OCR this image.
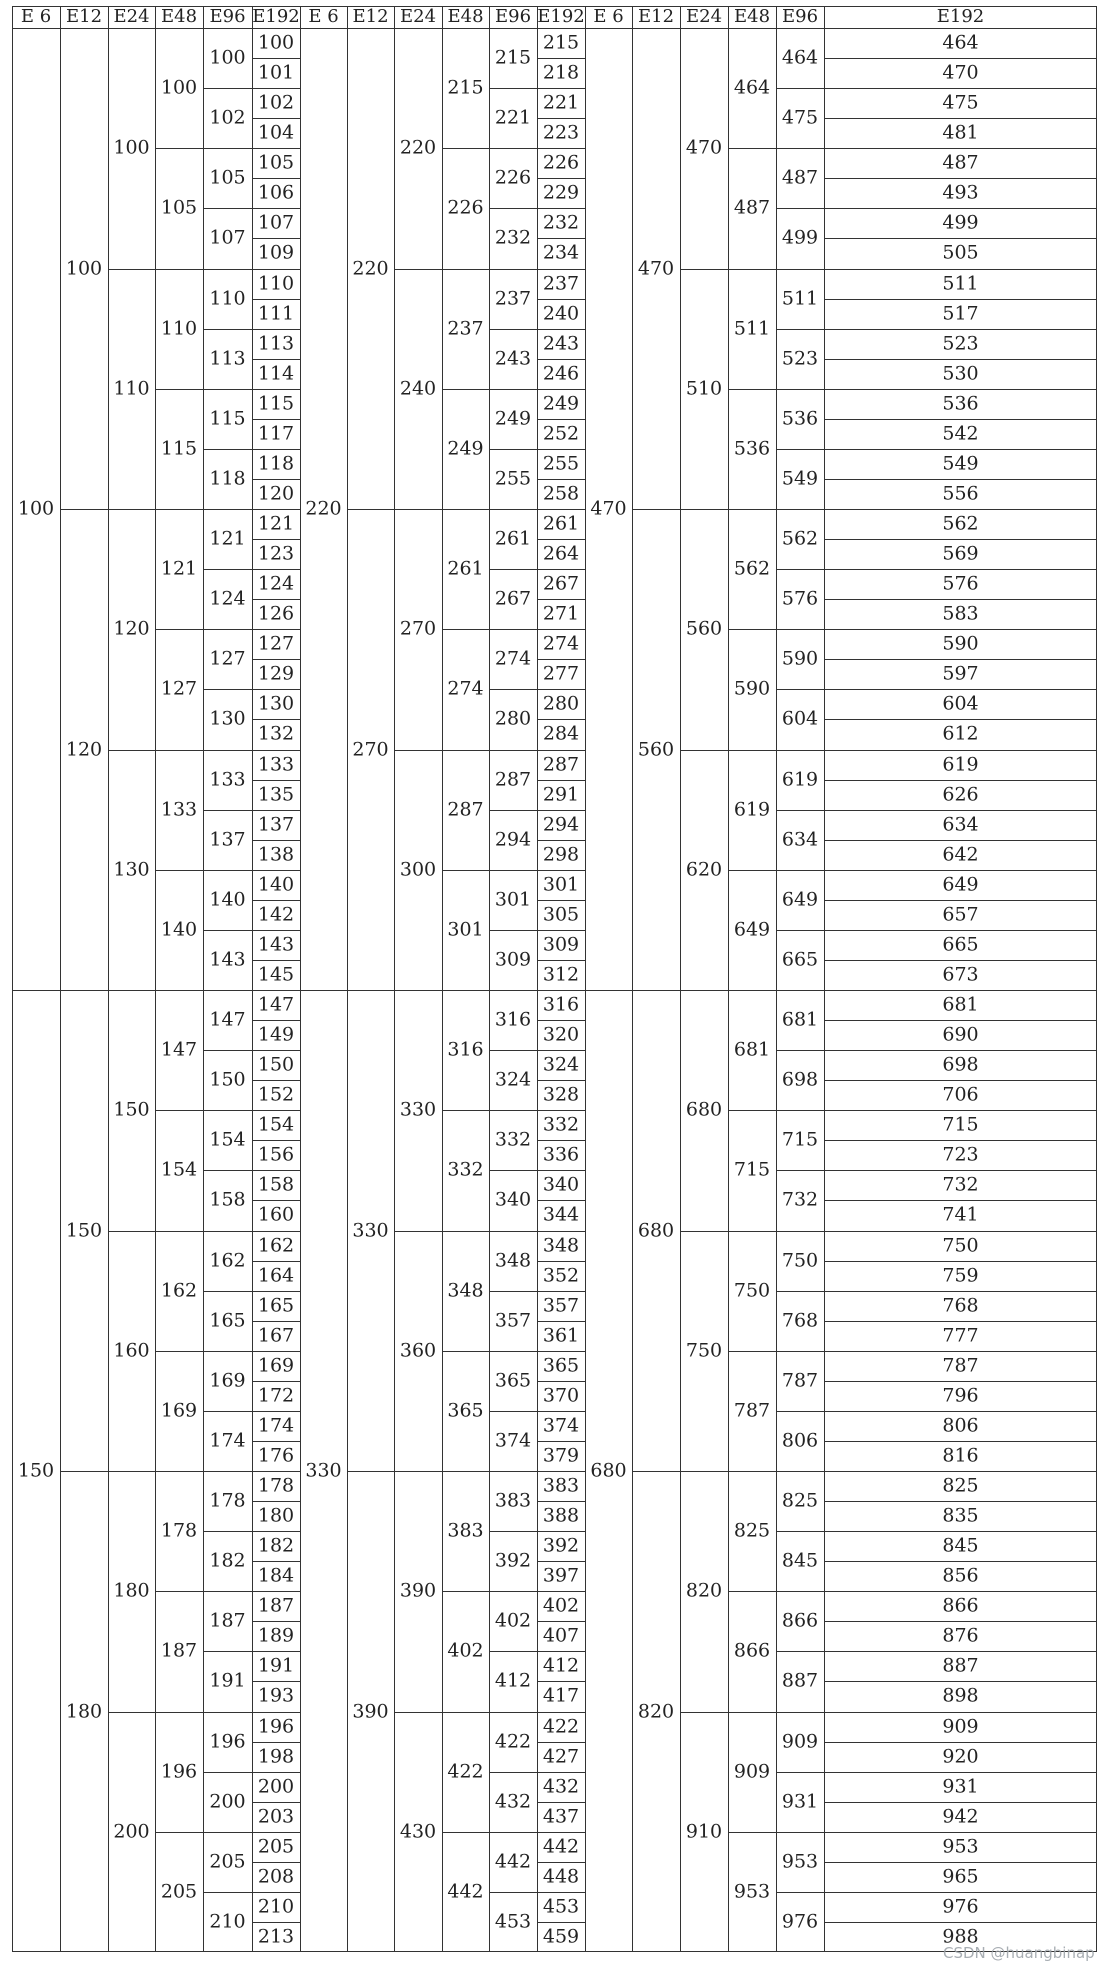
E 6 E12 E24 E48 E96 E192 E 6 E12 E24 E48 E96 E192 E 6 E12 E24 E48 E96	E192
100
150
100
120
150
180
100
110
120
130
150
160
180
200
100
105
110
115
121
127
133
140
147
154
162
169
178
187
196
205
100
102
105
107
110
113
115
118
121
124
127
130
133
137
140
143
147
150
154
158
162
165
169
174
178
182
187
191
196
200
205
210
100
101
102
104
105
106
107
109
110
111
113
114
115
117
118
120
121
123
124
126
127
129
130
132
133
135
137
138
140
142
143
145
147
149
150
152
154
156
158
160
162
164
165
167
169
172
174
176
178
180
182
184
187
189
191
193
196
198
200
203
205
208
210
213
220
330
220
270
330
390
220
240
270
300
330
360
390
430
215
226
237
249
261
274
287
301
316
332
348
365
383
402
422
442
215
221
226
232
237
243
249
255
261
267
274
280
287
294
301
309
316
324
332
340
348
357
365
374
383
392
402
412
422
432
442
453
215
218
221
223
226
229
232
234
237
240
243
246
249
252
255
258
261
264
267
271
274
277
280
284
287
291
294
298
301
305
309
312
316
320
324
328
332
336
340
344
348
352
357
361
365
370
374
379
383
388
392
397
402
407
412
417
422
427
432
437
442
448
453
459
470
680
470
560
680
820
470
510
560
620
680
750
820
910
464
487
511
536
562
590
619
649
681
715
750
787
825
866
909
953
464
475
487
499
511
523
536
549
562
576
590
604
619
634
649
665
681
698
715
732
750
768
787
806
825
845
866
887
909
931
953
976
464
470
475
481
487
493
499
505
511
517
523
530
536
542
549
556
562
569
576
583
590
597
604
612
619
626
634
642
649
657
665
673
681
690
698
706
715
723
732
741
750
759
768
777
787
796
806
816
825
835
845
856
866
876
887
898
909
920
931
942
953
965
976
988
CSDN @huangbinap
